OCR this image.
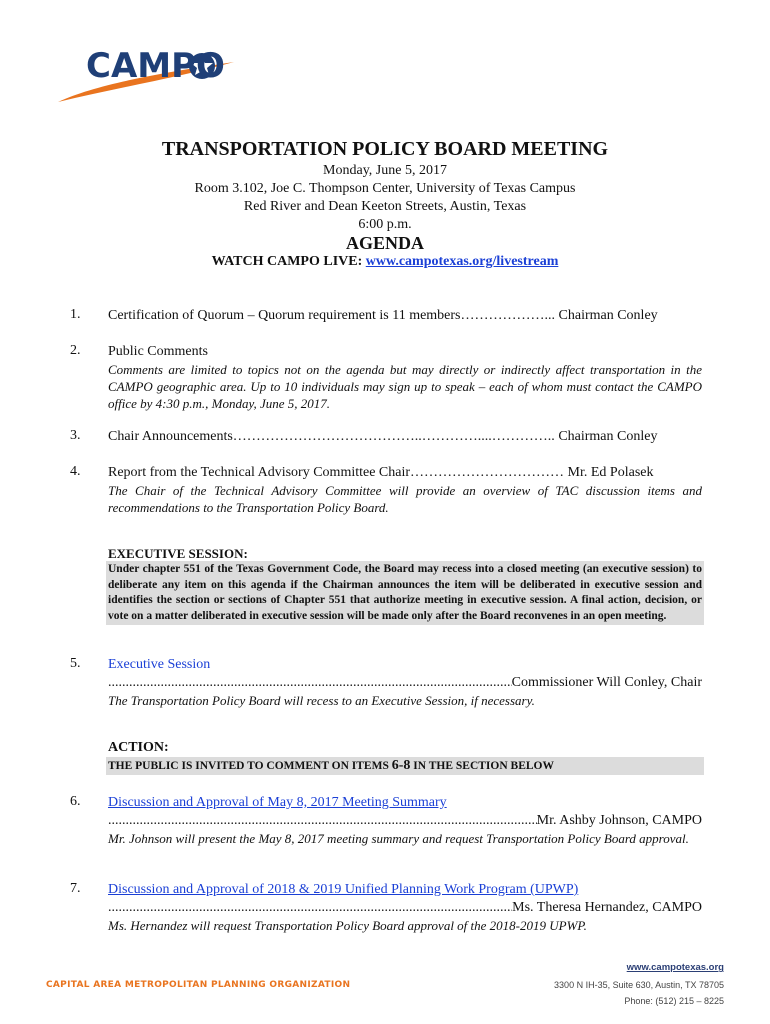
CAMPO
TRANSPORTATION POLICY BOARD MEETING
Monday, June 5, 2017
Room 3.102, Joe C. Thompson Center, University of Texas Campus
Red River and Dean Keeton Streets, Austin, Texas
6:00 p.m.
AGENDA
WATCH CAMPO LIVE: www.campotexas.org/livestream
1. Certification of Quorum – Quorum requirement is 11 members………………... Chairman Conley
2. Public Comments
Comments are limited to topics not on the agenda but may directly or indirectly affect transportation in the CAMPO geographic area. Up to 10 individuals may sign up to speak – each of whom must contact the CAMPO office by 4:30 p.m., Monday, June 5, 2017.
3. Chair Announcements…………………………………..…………....………….. Chairman Conley
4. Report from the Technical Advisory Committee Chair…………………………… Mr. Ed Polasek
The Chair of the Technical Advisory Committee will provide an overview of TAC discussion items and recommendations to the Transportation Policy Board.
EXECUTIVE SESSION:
Under chapter 551 of the Texas Government Code, the Board may recess into a closed meeting (an executive session) to deliberate any item on this agenda if the Chairman announces the item will be deliberated in executive session and identifies the section or sections of Chapter 551 that authorize meeting in executive session. A final action, decision, or vote on a matter deliberated in executive session will be made only after the Board reconvenes in an open meeting.
5. Executive Session
.....
Commissioner Will Conley, Chair
The Transportation Policy Board will recess to an Executive Session, if necessary.
ACTION:
THE PUBLIC IS INVITED TO COMMENT ON ITEMS 6-8 IN THE SECTION BELOW
6. Discussion and Approval of May 8, 2017 Meeting Summary
.....
Mr. Ashby Johnson, CAMPO
Mr. Johnson will present the May 8, 2017 meeting summary and request Transportation Policy Board approval.
7. Discussion and Approval of 2018 & 2019 Unified Planning Work Program (UPWP)
.....
Ms. Theresa Hernandez, CAMPO
Ms. Hernandez will request Transportation Policy Board approval of the 2018-2019 UPWP.
CAPITAL AREA METROPOLITAN PLANNING ORGANIZATION
www.campotexas.org
3300 N IH-35, Suite 630, Austin, TX 78705
Phone: (512) 215 – 8225
